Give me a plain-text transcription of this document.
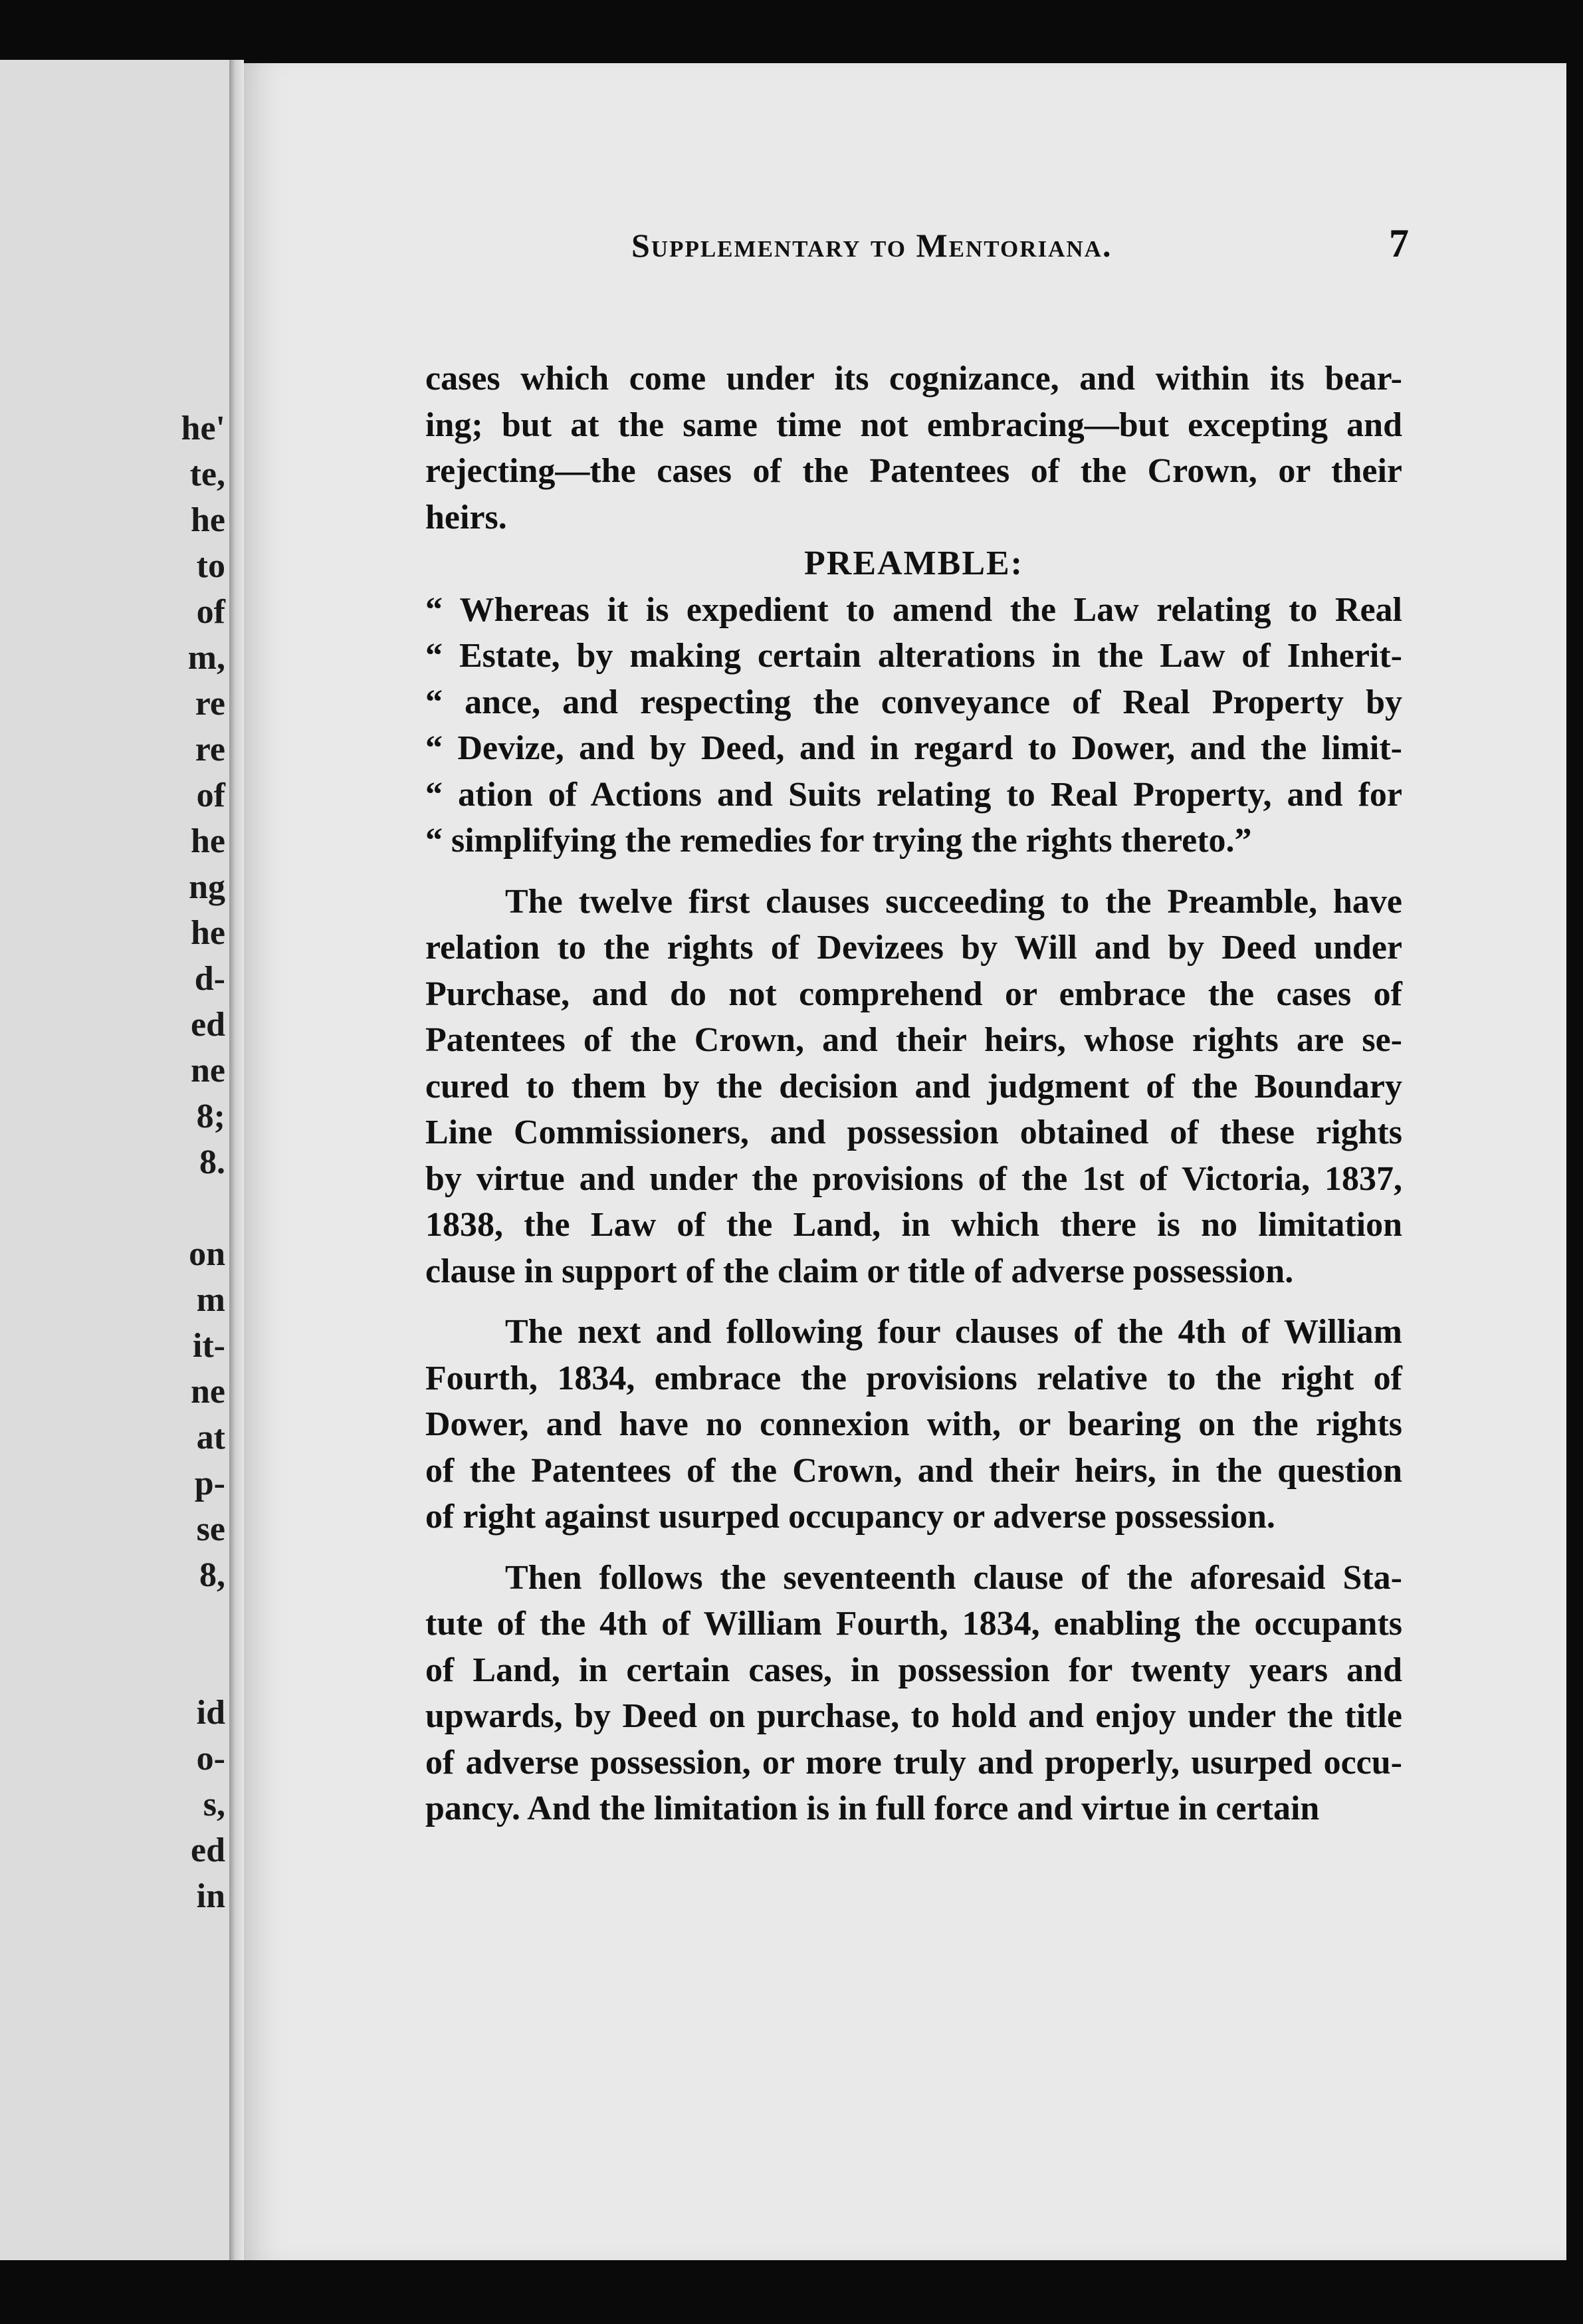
he'
te,
he
to
of
m,
re
re
of
he
ng
he
d-
ed
ne
8;
8.

on
m
it-
ne
at
p-
se
8,

id
o-
s,
ed
in
Supplementary to Mentoriana.	7

cases which come under its cognizance, and within its bear-
ing; but at the same time not embracing—but excepting and
rejecting—the cases of the Patentees of the Crown, or their
heirs.

PREAMBLE:

“ Whereas it is expedient to amend the Law relating to Real
“ Estate, by making certain alterations in the Law of Inherit-
“ ance, and respecting the conveyance of Real Property by
“ Devize, and by Deed, and in regard to Dower, and the limit-
“ ation of Actions and Suits relating to Real Property, and for
“ simplifying the remedies for trying the rights thereto.”

The twelve first clauses succeeding to the Preamble, have
relation to the rights of Devizees by Will and by Deed under
Purchase, and do not comprehend or embrace the cases of
Patentees of the Crown, and their heirs, whose rights are se-
cured to them by the decision and judgment of the Boundary
Line Commissioners, and possession obtained of these rights
by virtue and under the provisions of the 1st of Victoria, 1837,
1838, the Law of the Land, in which there is no limitation
clause in support of the claim or title of adverse possession.

The next and following four clauses of the 4th of William
Fourth, 1834, embrace the provisions relative to the right of
Dower, and have no connexion with, or bearing on the rights
of the Patentees of the Crown, and their heirs, in the question
of right against usurped occupancy or adverse possession.

Then follows the seventeenth clause of the aforesaid Sta-
tute of the 4th of William Fourth, 1834, enabling the occupants
of Land, in certain cases, in possession for twenty years and
upwards, by Deed on purchase, to hold and enjoy under the title
of adverse possession, or more truly and properly, usurped occu-
pancy. And the limitation is in full force and virtue in certain
